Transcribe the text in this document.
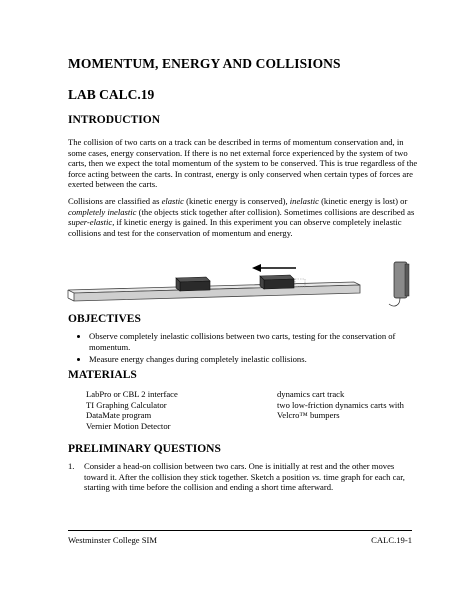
MOMENTUM, ENERGY AND COLLISIONS
LAB CALC.19
INTRODUCTION

The collision of two carts on a track can be described in terms of momentum conservation and, in some cases, energy conservation. If there is no net external force experienced by the system of two carts, then we expect the total momentum of the system to be conserved. This is true regardless of the force acting between the carts. In contrast, energy is only conserved when certain types of forces are exerted between the carts.

Collisions are classified as elastic (kinetic energy is conserved), inelastic (kinetic energy is lost) or completely inelastic (the objects stick together after collision). Sometimes collisions are described as super-elastic, if kinetic energy is gained. In this experiment you can observe completely inelastic collisions and test for the conservation of momentum and energy.

OBJECTIVES
• Observe completely inelastic collisions between two carts, testing for the conservation of momentum.
• Measure energy changes during completely inelastic collisions.
MATERIALS
LabPro or CBL 2 interface
TI Graphing Calculator
DataMate program
Vernier Motion Detector
dynamics cart track
two low-friction dynamics carts with
Velcro™ bumpers
PRELIMINARY QUESTIONS
1. Consider a head-on collision between two cars. One is initially at rest and the other moves toward it. After the collision they stick together. Sketch a position vs. time graph for each car, starting with time before the collision and ending a short time afterward.
Westminster College SIM	CALC.19-1
